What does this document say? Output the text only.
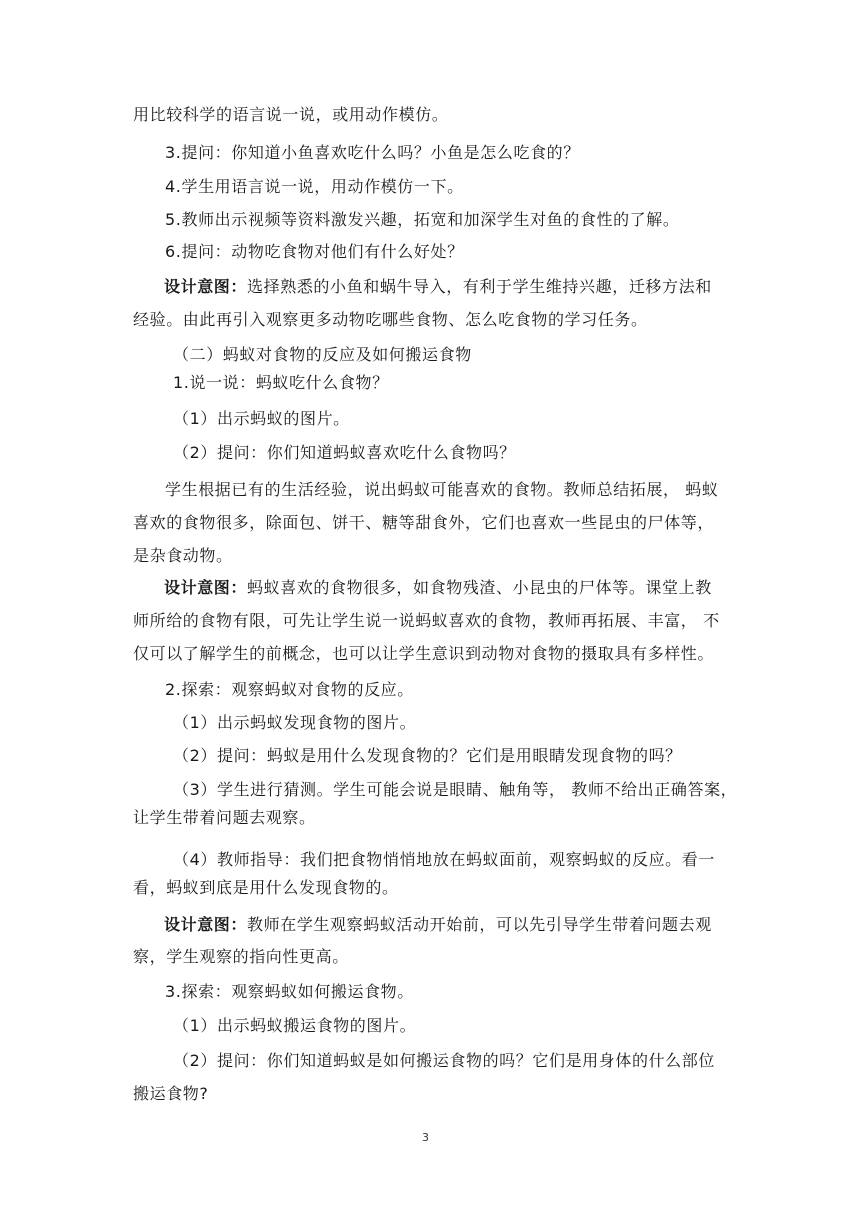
用比较科学的语言说一说，或用动作模仿。
3.提问：你知道小鱼喜欢吃什么吗？小鱼是怎么吃食的？
4.学生用语言说一说，用动作模仿一下。
5.教师出示视频等资料激发兴趣，拓宽和加深学生对鱼的食性的了解。
6.提问：动物吃食物对他们有什么好处？
设计意图：选择熟悉的小鱼和蜗牛导入，有利于学生维持兴趣，迁移方法和
经验。由此再引入观察更多动物吃哪些食物、怎么吃食物的学习任务。
（二）蚂蚁对食物的反应及如何搬运食物
1.说一说：蚂蚁吃什么食物？
（1）出示蚂蚁的图片。
（2）提问：你们知道蚂蚁喜欢吃什么食物吗？
学生根据已有的生活经验，说出蚂蚁可能喜欢的食物。教师总结拓展， 蚂蚁
喜欢的食物很多，除面包、饼干、糖等甜食外，它们也喜欢一些昆虫的尸体等，
是杂食动物。
设计意图：蚂蚁喜欢的食物很多，如食物残渣、小昆虫的尸体等。课堂上教
师所给的食物有限，可先让学生说一说蚂蚁喜欢的食物，教师再拓展、丰富， 不
仅可以了解学生的前概念，也可以让学生意识到动物对食物的摄取具有多样性。
2.探索：观察蚂蚁对食物的反应。
（1）出示蚂蚁发现食物的图片。
（2）提问：蚂蚁是用什么发现食物的？它们是用眼睛发现食物的吗？
（3）学生进行猜测。学生可能会说是眼睛、触角等， 教师不给出正确答案，
让学生带着问题去观察。
（4）教师指导：我们把食物悄悄地放在蚂蚁面前，观察蚂蚁的反应。看一
看，蚂蚁到底是用什么发现食物的。
设计意图：教师在学生观察蚂蚁活动开始前，可以先引导学生带着问题去观
察，学生观察的指向性更高。
3.探索：观察蚂蚁如何搬运食物。
（1）出示蚂蚁搬运食物的图片。
（2）提问：你们知道蚂蚁是如何搬运食物的吗？它们是用身体的什么部位
搬运食物?
3
